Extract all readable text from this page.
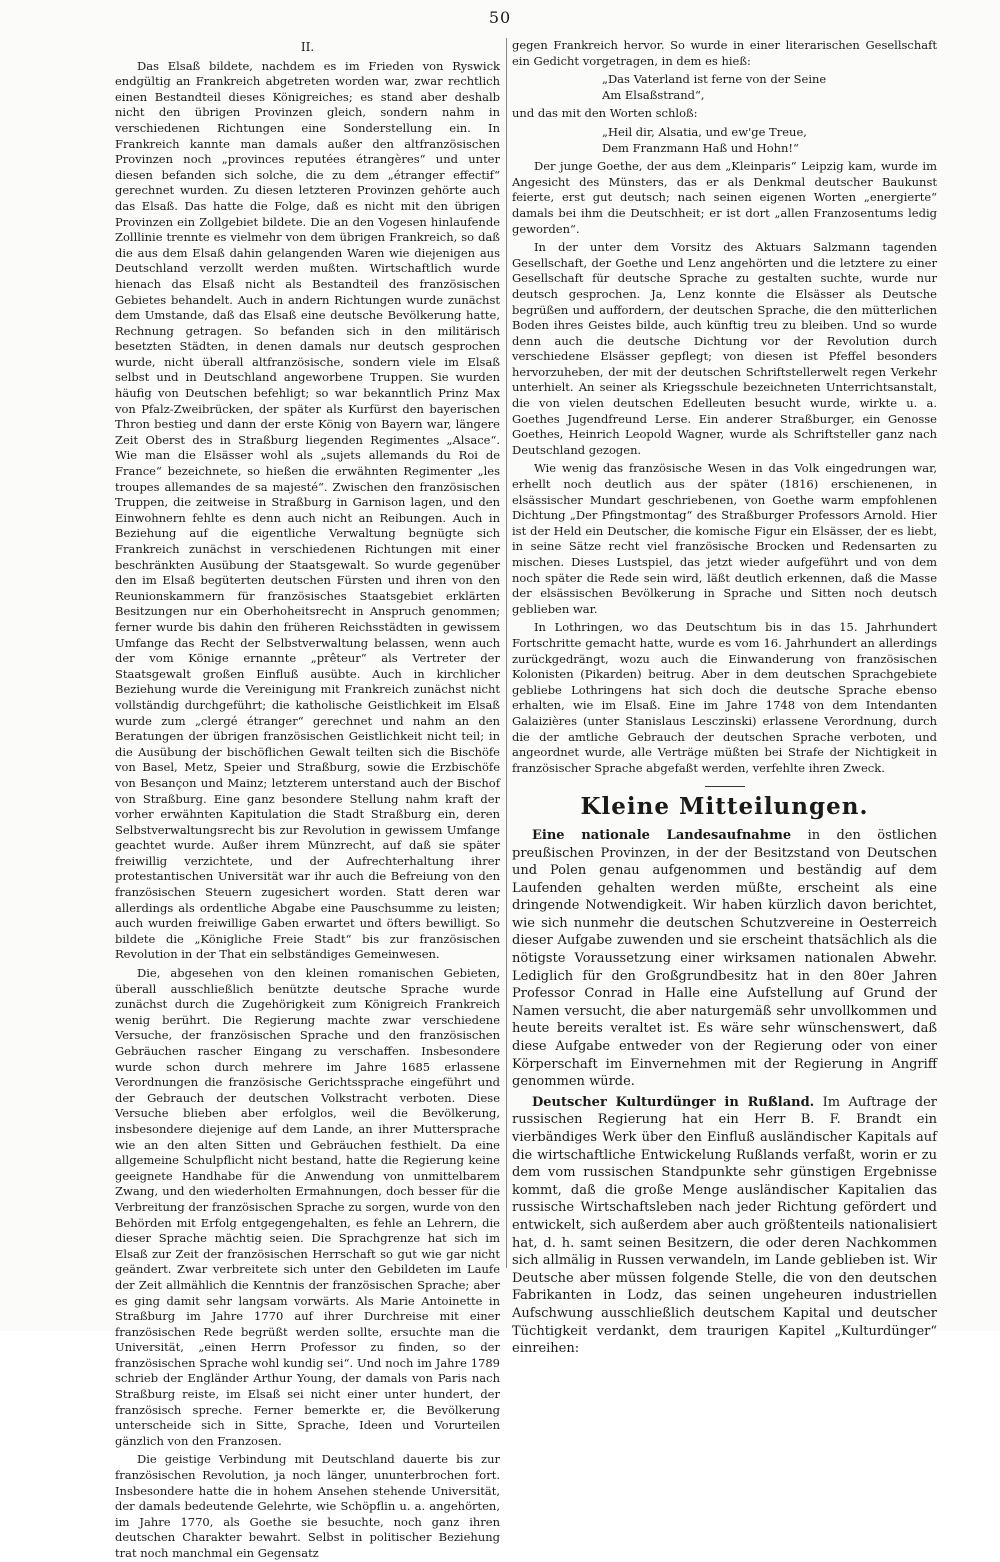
50
II.

Das Elsaß bildete, nachdem es im Frieden von Ryswick endgültig an Frankreich abgetreten worden war, zwar rechtlich einen Bestandteil dieses Königreiches; es stand aber deshalb nicht den übrigen Provinzen gleich, sondern nahm in verschiedenen Richtungen eine Sonderstellung ein. In Frankreich kannte man damals außer den altfranzösischen Provinzen noch „provinces reputées étrangères“ und unter diesen befanden sich solche, die zu dem „étranger effectif“ gerechnet wurden. Zu diesen letzteren Provinzen gehörte auch das Elsaß. Das hatte die Folge, daß es nicht mit den übrigen Provinzen ein Zollgebiet bildete. Die an den Vogesen hinlaufende Zolllinie trennte es vielmehr von dem übrigen Frankreich, so daß die aus dem Elsaß dahin gelangenden Waren wie diejenigen aus Deutschland verzollt werden mußten. Wirtschaftlich wurde hienach das Elsaß nicht als Bestandteil des französischen Gebietes behandelt. Auch in andern Richtungen wurde zunächst dem Umstande, daß das Elsaß eine deutsche Bevölkerung hatte, Rechnung getragen. So befanden sich in den militärisch besetzten Städten, in denen damals nur deutsch gesprochen wurde, nicht überall altfranzösische, sondern viele im Elsaß selbst und in Deutschland angeworbene Truppen. Sie wurden häufig von Deutschen befehligt; so war bekanntlich Prinz Max von Pfalz-Zweibrücken, der später als Kurfürst den bayerischen Thron bestieg und dann der erste König von Bayern war, längere Zeit Oberst des in Straßburg liegenden Regimentes „Alsace“. Wie man die Elsässer wohl als „sujets allemands du Roi de France“ bezeichnete, so hießen die erwähnten Regimenter „les troupes allemandes de sa majesté“. Zwischen den französischen Truppen, die zeitweise in Straßburg in Garnison lagen, und den Einwohnern fehlte es denn auch nicht an Reibungen. Auch in Beziehung auf die eigentliche Verwaltung begnügte sich Frankreich zunächst in verschiedenen Richtungen mit einer beschränkten Ausübung der Staatsgewalt. So wurde gegenüber den im Elsaß begüterten deutschen Fürsten und ihren von den Reunionskammern für französisches Staatsgebiet erklärten Besitzungen nur ein Oberhoheitsrecht in Anspruch genommen; ferner wurde bis dahin den früheren Reichsstädten in gewissem Umfange das Recht der Selbstverwaltung belassen, wenn auch der vom Könige ernannte „prêteur“ als Vertreter der Staatsgewalt großen Einfluß ausübte. Auch in kirchlicher Beziehung wurde die Vereinigung mit Frankreich zunächst nicht vollständig durchgeführt; die katholische Geistlichkeit im Elsaß wurde zum „clergé étranger“ gerechnet und nahm an den Beratungen der übrigen französischen Geistlichkeit nicht teil; in die Ausübung der bischöflichen Gewalt teilten sich die Bischöfe von Basel, Metz, Speier und Straßburg, sowie die Erzbischöfe von Besançon und Mainz; letzterem unterstand auch der Bischof von Straßburg. Eine ganz besondere Stellung nahm kraft der vorher erwähnten Kapitulation die Stadt Straßburg ein, deren Selbstverwaltungsrecht bis zur Revolution in gewissem Umfange geachtet wurde. Außer ihrem Münzrecht, auf daß sie später freiwillig verzichtete, und der Aufrechterhaltung ihrer protestantischen Universität war ihr auch die Befreiung von den französischen Steuern zugesichert worden. Statt deren war allerdings als ordentliche Abgabe eine Pauschsumme zu leisten; auch wurden freiwillige Gaben erwartet und öfters bewilligt. So bildete die „Königliche Freie Stadt“ bis zur französischen Revolution in der That ein selbständiges Gemeinwesen.

Die, abgesehen von den kleinen romanischen Gebieten, überall ausschließlich benützte deutsche Sprache wurde zunächst durch die Zugehörigkeit zum Königreich Frankreich wenig berührt. Die Regierung machte zwar verschiedene Versuche, der französischen Sprache und den französischen Gebräuchen rascher Eingang zu verschaffen. Insbesondere wurde schon durch mehrere im Jahre 1685 erlassene Verordnungen die französische Gerichtssprache eingeführt und der Gebrauch der deutschen Volkstracht verboten. Diese Versuche blieben aber erfolglos, weil die Bevölkerung, insbesondere diejenige auf dem Lande, an ihrer Muttersprache wie an den alten Sitten und Gebräuchen festhielt. Da eine allgemeine Schulpflicht nicht bestand, hatte die Regierung keine geeignete Handhabe für die Anwendung von unmittelbarem Zwang, und den wiederholten Ermahnungen, doch besser für die Verbreitung der französischen Sprache zu sorgen, wurde von den Behörden mit Erfolg entgegengehalten, es fehle an Lehrern, die dieser Sprache mächtig seien. Die Sprachgrenze hat sich im Elsaß zur Zeit der französischen Herrschaft so gut wie gar nicht geändert. Zwar verbreitete sich unter den Gebildeten im Laufe der Zeit allmählich die Kenntnis der französischen Sprache; aber es ging damit sehr langsam vorwärts. Als Marie Antoinette in Straßburg im Jahre 1770 auf ihrer Durchreise mit einer französischen Rede begrüßt werden sollte, ersuchte man die Universität, „einen Herrn Professor zu finden, so der französischen Sprache wohl kundig sei“. Und noch im Jahre 1789 schrieb der Engländer Arthur Young, der damals von Paris nach Straßburg reiste, im Elsaß sei nicht einer unter hundert, der französisch spreche. Ferner bemerkte er, die Bevölkerung unterscheide sich in Sitte, Sprache, Ideen und Vorurteilen gänzlich von den Franzosen.

Die geistige Verbindung mit Deutschland dauerte bis zur französischen Revolution, ja noch länger, ununterbrochen fort. Insbesondere hatte die in hohem Ansehen stehende Universität, der damals bedeutende Gelehrte, wie Schöpflin u. a. angehörten, im Jahre 1770, als Goethe sie besuchte, noch ganz ihren deutschen Charakter bewahrt. Selbst in politischer Beziehung trat noch manchmal ein Gegensatz

gegen Frankreich hervor. So wurde in einer literarischen Gesellschaft ein Gedicht vorgetragen, in dem es hieß:

„Das Vaterland ist ferne von der Seine
Am Elsaßstrand“,

und das mit den Worten schloß:

„Heil dir, Alsatia, und ew'ge Treue,
Dem Franzmann Haß und Hohn!“

Der junge Goethe, der aus dem „Kleinparis“ Leipzig kam, wurde im Angesicht des Münsters, das er als Denkmal deutscher Baukunst feierte, erst gut deutsch; nach seinen eigenen Worten „energierte“ damals bei ihm die Deutschheit; er ist dort „allen Franzosentums ledig geworden“.

In der unter dem Vorsitz des Aktuars Salzmann tagenden Gesellschaft, der Goethe und Lenz angehörten und die letztere zu einer Gesellschaft für deutsche Sprache zu gestalten suchte, wurde nur deutsch gesprochen. Ja, Lenz konnte die Elsässer als Deutsche begrüßen und auffordern, der deutschen Sprache, die den mütterlichen Boden ihres Geistes bilde, auch künftig treu zu bleiben. Und so wurde denn auch die deutsche Dichtung vor der Revolution durch verschiedene Elsässer gepflegt; von diesen ist Pfeffel besonders hervorzuheben, der mit der deutschen Schriftstellerwelt regen Verkehr unterhielt. An seiner als Kriegsschule bezeichneten Unterrichtsanstalt, die von vielen deutschen Edelleuten besucht wurde, wirkte u. a. Goethes Jugendfreund Lerse. Ein anderer Straßburger, ein Genosse Goethes, Heinrich Leopold Wagner, wurde als Schriftsteller ganz nach Deutschland gezogen.

Wie wenig das französische Wesen in das Volk eingedrungen war, erhellt noch deutlich aus der später (1816) erschienenen, in elsässischer Mundart geschriebenen, von Goethe warm empfohlenen Dichtung „Der Pfingstmontag“ des Straßburger Professors Arnold. Hier ist der Held ein Deutscher, die komische Figur ein Elsässer, der es liebt, in seine Sätze recht viel französische Brocken und Redensarten zu mischen. Dieses Lustspiel, das jetzt wieder aufgeführt und von dem noch später die Rede sein wird, läßt deutlich erkennen, daß die Masse der elsässischen Bevölkerung in Sprache und Sitten noch deutsch geblieben war.

In Lothringen, wo das Deutschtum bis in das 15. Jahrhundert Fortschritte gemacht hatte, wurde es vom 16. Jahrhundert an allerdings zurückgedrängt, wozu auch die Einwanderung von französischen Kolonisten (Pikarden) beitrug. Aber in dem deutschen Sprachgebiete gebliebe Lothringens hat sich doch die deutsche Sprache ebenso erhalten, wie im Elsaß. Eine im Jahre 1748 von dem Intendanten Galaizières (unter Stanislaus Lesczinski) erlassene Verordnung, durch die der amtliche Gebrauch der deutschen Sprache verboten, und angeordnet wurde, alle Verträge müßten bei Strafe der Nichtigkeit in französischer Sprache abgefaßt werden, verfehlte ihren Zweck.

Kleine Mitteilungen.

Eine nationale Landesaufnahme in den östlichen preußischen Provinzen, in der der Besitzstand von Deutschen und Polen genau aufgenommen und beständig auf dem Laufenden gehalten werden müßte, erscheint als eine dringende Notwendigkeit. Wir haben kürzlich davon berichtet, wie sich nunmehr die deutschen Schutzvereine in Oesterreich dieser Aufgabe zuwenden und sie erscheint thatsächlich als die nötigste Voraussetzung einer wirksamen nationalen Abwehr. Lediglich für den Großgrundbesitz hat in den 80er Jahren Professor Conrad in Halle eine Aufstellung auf Grund der Namen versucht, die aber naturgemäß sehr unvollkommen und heute bereits veraltet ist. Es wäre sehr wünschenswert, daß diese Aufgabe entweder von der Regierung oder von einer Körperschaft im Einvernehmen mit der Regierung in Angriff genommen würde.

Deutscher Kulturdünger in Rußland. Im Auftrage der russischen Regierung hat ein Herr B. F. Brandt ein vierbändiges Werk über den Einfluß ausländischer Kapitals auf die wirtschaftliche Entwickelung Rußlands verfaßt, worin er zu dem vom russischen Standpunkte sehr günstigen Ergebnisse kommt, daß die große Menge ausländischer Kapitalien das russische Wirtschaftsleben nach jeder Richtung gefördert und entwickelt, sich außerdem aber auch größtenteils nationalisiert hat, d. h. samt seinen Besitzern, die oder deren Nachkommen sich allmälig in Russen verwandeln, im Lande geblieben ist. Wir Deutsche aber müssen folgende Stelle, die von den deutschen Fabrikanten in Lodz, das seinen ungeheuren industriellen Aufschwung ausschließlich deutschem Kapital und deutscher Tüchtigkeit verdankt, dem traurigen Kapitel „Kulturdünger“ einreihen:
